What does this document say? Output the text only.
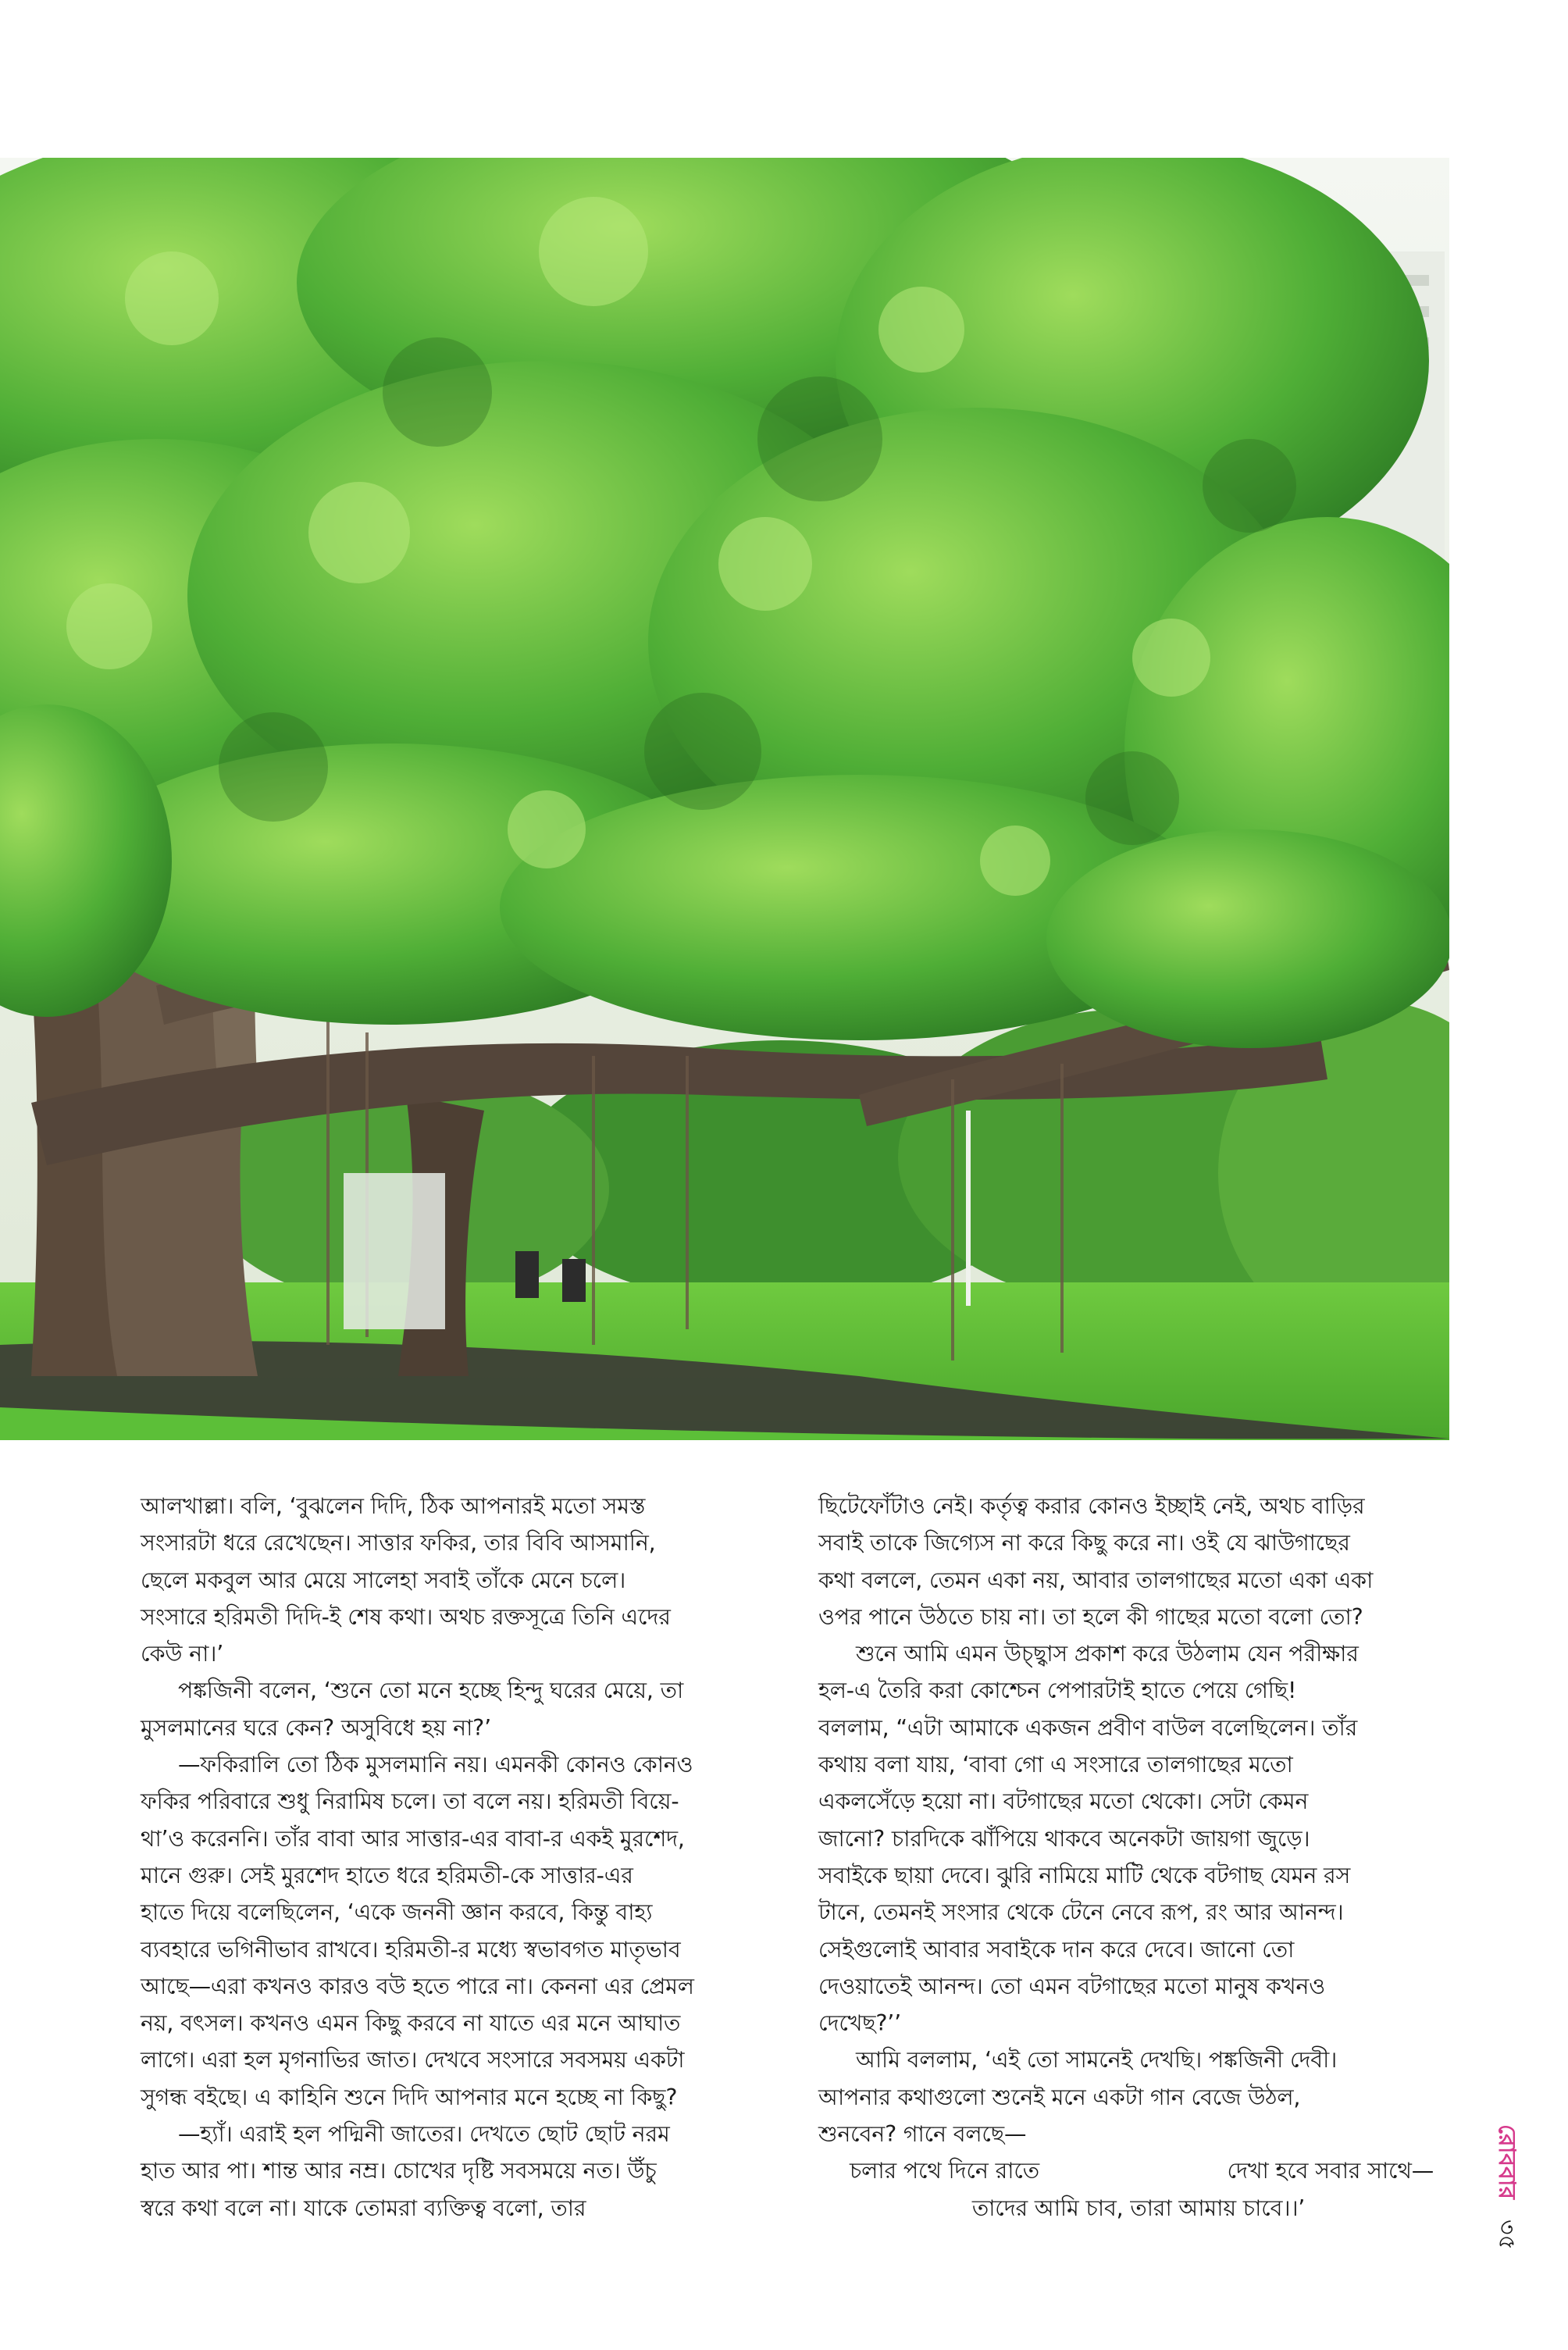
আলখাল্লা। বলি, ‘বুঝলেন দিদি, ঠিক আপনারই মতো সমস্ত
সংসারটা ধরে রেখেছেন। সাত্তার ফকির, তার বিবি আসমানি,
ছেলে মকবুল আর মেয়ে সালেহা সবাই তাঁকে মেনে চলে।
সংসারে হরিমতী দিদি-ই শেষ কথা। অথচ রক্তসূত্রে তিনি এদের
কেউ না।’

পঙ্কজিনী বলেন, ‘শুনে তো মনে হচ্ছে হিন্দু ঘরের মেয়ে, তা
মুসলমানের ঘরে কেন? অসুবিধে হয় না?’

—ফকিরালি তো ঠিক মুসলমানি নয়। এমনকী কোনও কোনও
ফকির পরিবারে শুধু নিরামিষ চলে। তা বলে নয়। হরিমতী বিয়ে-
থা’ও করেননি। তাঁর বাবা আর সাত্তার-এর বাবা-র একই মুরশেদ,
মানে গুরু। সেই মুরশেদ হাতে ধরে হরিমতী-কে সাত্তার-এর
হাতে দিয়ে বলেছিলেন, ‘একে জননী জ্ঞান করবে, কিন্তু বাহ্য
ব্যবহারে ভগিনীভাব রাখবে। হরিমতী-র মধ্যে স্বভাবগত মাতৃভাব
আছে—এরা কখনও কারও বউ হতে পারে না। কেননা এর প্রেমল
নয়, বৎসল। কখনও এমন কিছু করবে না যাতে এর মনে আঘাত
লাগে। এরা হল মৃগনাভির জাত। দেখবে সংসারে সবসময় একটা
সুগন্ধ বইছে। এ কাহিনি শুনে দিদি আপনার মনে হচ্ছে না কিছু?

—হ্যাঁ। এরাই হল পদ্মিনী জাতের। দেখতে ছোট ছোট নরম
হাত আর পা। শান্ত আর নম্র। চোখের দৃষ্টি সবসময়ে নত। উঁচু
স্বরে কথা বলে না। যাকে তোমরা ব্যক্তিত্ব বলো, তার

ছিটেফোঁটাও নেই। কর্তৃত্ব করার কোনও ইচ্ছাই নেই, অথচ বাড়ির
সবাই তাকে জিগ্যেস না করে কিছু করে না। ওই যে ঝাউগাছের
কথা বললে, তেমন একা নয়, আবার তালগাছের মতো একা একা
ওপর পানে উঠতে চায় না। তা হলে কী গাছের মতো বলো তো?

শুনে আমি এমন উচ্ছ্বাস প্রকাশ করে উঠলাম যেন পরীক্ষার
হল-এ তৈরি করা কোশ্চেন পেপারটাই হাতে পেয়ে গেছি!
বললাম, “এটা আমাকে একজন প্রবীণ বাউল বলেছিলেন। তাঁর
কথায় বলা যায়, ‘বাবা গো এ সংসারে তালগাছের মতো
একলসেঁড়ে হয়ো না। বটগাছের মতো থেকো। সেটা কেমন
জানো? চারদিকে ঝাঁপিয়ে থাকবে অনেকটা জায়গা জুড়ে।
সবাইকে ছায়া দেবে। ঝুরি নামিয়ে মাটি থেকে বটগাছ যেমন রস
টানে, তেমনই সংসার থেকে টেনে নেবে রূপ, রং আর আনন্দ।
সেইগুলোই আবার সবাইকে দান করে দেবে। জানো তো
দেওয়াতেই আনন্দ। তো এমন বটগাছের মতো মানুষ কখনও
দেখেছ?’’

আমি বললাম, ‘এই তো সামনেই দেখছি। পঙ্কজিনী দেবী।
আপনার কথাগুলো শুনেই মনে একটা গান বেজে উঠল,
শুনবেন? গানে বলছে—

চলার পথে দিনে রাতে	দেখা হবে সবার সাথে—
তাদের আমি চাব, তারা আমায় চাবে।।’
রোববার
৩৫
